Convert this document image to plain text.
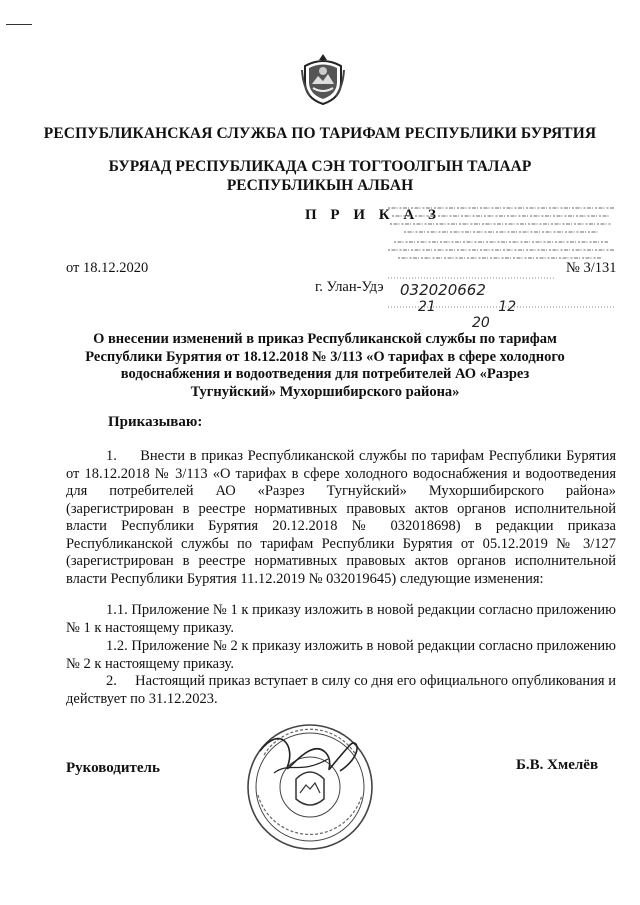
РЕСПУБЛИКАНСКАЯ СЛУЖБА ПО ТАРИФАМ РЕСПУБЛИКИ БУРЯТИЯ
БУРЯАД РЕСПУБЛИКАДА СЭН ТОГТООЛГЫН ТАЛААР
РЕСПУБЛИКЫН АЛБАН
П Р И К А З
от 18.12.2020	№ 3/131
г. Улан-Удэ 032020662
21	12 20
О внесении изменений в приказ Республиканской службы по тарифам Республики Бурятия от 18.12.2018 № 3/113 «О тарифах в сфере холодного водоснабжения и водоотведения для потребителей АО «Разрез Тугнуйский» Мухоршибирского района»
Приказываю:
1. Внести в приказ Республиканской службы по тарифам Республики Бурятия от 18.12.2018 № 3/113 «О тарифах в сфере холодного водоснабжения и водоотведения для потребителей АО «Разрез Тугнуйский» Мухоршибирского района» (зарегистрирован в реестре нормативных правовых актов органов исполнительной власти Республики Бурятия 20.12.2018 № 032018698) в редакции приказа Республиканской службы по тарифам Республики Бурятия от 05.12.2019 № 3/127 (зарегистрирован в реестре нормативных правовых актов органов исполнительной власти Республики Бурятия 11.12.2019 № 032019645) следующие изменения:
1.1. Приложение № 1 к приказу изложить в новой редакции согласно приложению № 1 к настоящему приказу.
1.2. Приложение № 2 к приказу изложить в новой редакции согласно приложению № 2 к настоящему приказу.
2. Настоящий приказ вступает в силу со дня его официального опубликования и действует по 31.12.2023.
Руководитель	Б.В. Хмелёв
